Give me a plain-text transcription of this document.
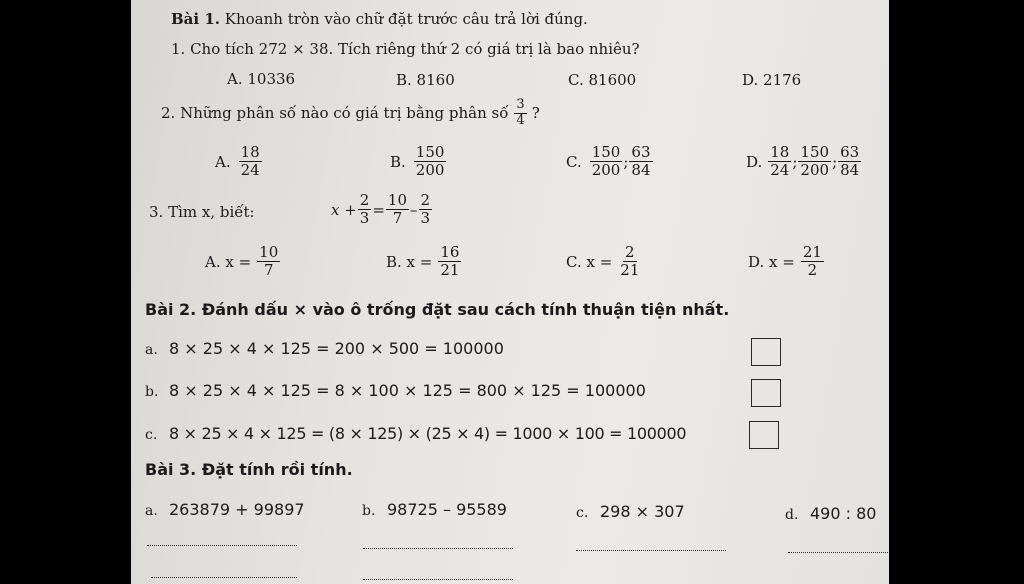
Bài 1. Khoanh tròn vào chữ đặt trước câu trả lời đúng.
1. Cho tích 272 × 38. Tích riêng thứ 2 có giá trị là bao nhiêu?
A. 10336	B. 8160	C. 81600	D. 2176
2. Những phân số nào có giá trị bằng phân số $\frac{3}{4}$ ?
A. $\frac{18}{24}$	B. $\frac{150}{200}$	C. $\frac{150}{200}$ ; $\frac{63}{84}$	D. $\frac{18}{24}$ ; $\frac{150}{200}$ ; $\frac{63}{84}$
3. Tìm x, biết:	$x + \frac{2}{3} = \frac{10}{7} - \frac{2}{3}$
A. $x = \frac{10}{7}$	B. $x = \frac{16}{21}$	C. $x = \frac{2}{21}$	D. $x = \frac{21}{2}$
Bài 2. Đánh dấu × vào ô trống đặt sau cách tính thuận tiện nhất.
a. 8 × 25 × 4 × 125 = 200 × 500 = 100000
b. 8 × 25 × 4 × 125 = 8 × 100 × 125 = 800 × 125 = 100000
c. 8 × 25 × 4 × 125 = (8 × 125) × (25 × 4) = 1000 × 100 = 100000
Bài 3. Đặt tính rồi tính.
a. 263879 + 99897	b. 98725 – 95589	c. 298 × 307	d. 490 : 80
